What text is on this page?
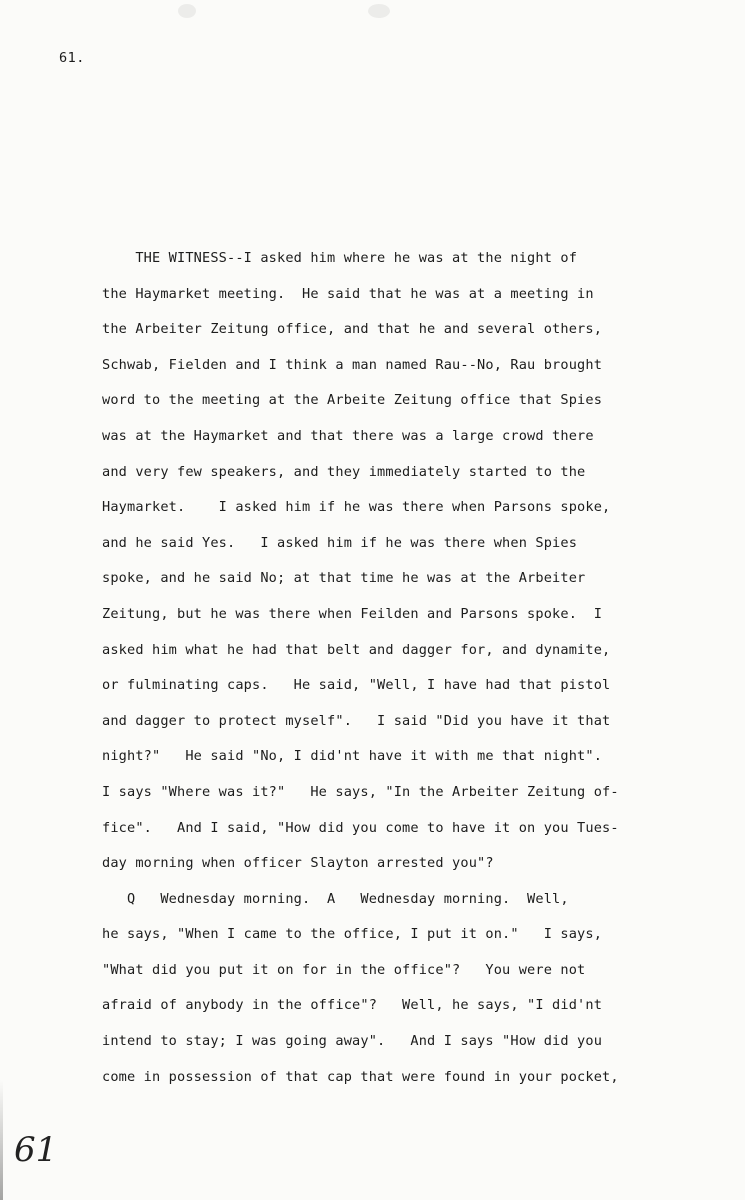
61.
THE WITNESS--I asked him where he was at the night of
the Haymarket meeting.  He said that he was at a meeting in
the Arbeiter Zeitung office, and that he and several others,
Schwab, Fielden and I think a man named Rau--No, Rau brought
word to the meeting at the Arbeite Zeitung office that Spies
was at the Haymarket and that there was a large crowd there
and very few speakers, and they immediately started to the
Haymarket.    I asked him if he was there when Parsons spoke,
and he said Yes.   I asked him if he was there when Spies
spoke, and he said No; at that time he was at the Arbeiter
Zeitung, but he was there when Feilden and Parsons spoke.  I
asked him what he had that belt and dagger for, and dynamite,
or fulminating caps.   He said, "Well, I have had that pistol
and dagger to protect myself".   I said "Did you have it that
night?"   He said "No, I did'nt have it with me that night".
I says "Where was it?"   He says, "In the Arbeiter Zeitung of-
fice".   And I said, "How did you come to have it on you Tues-
day morning when officer Slayton arrested you"?
Q   Wednesday morning.  A   Wednesday morning.  Well,
he says, "When I came to the office, I put it on."   I says,
"What did you put it on for in the office"?   You were not
afraid of anybody in the office"?   Well, he says, "I did'nt
intend to stay; I was going away".   And I says "How did you
come in possession of that cap that were found in your pocket,
61
